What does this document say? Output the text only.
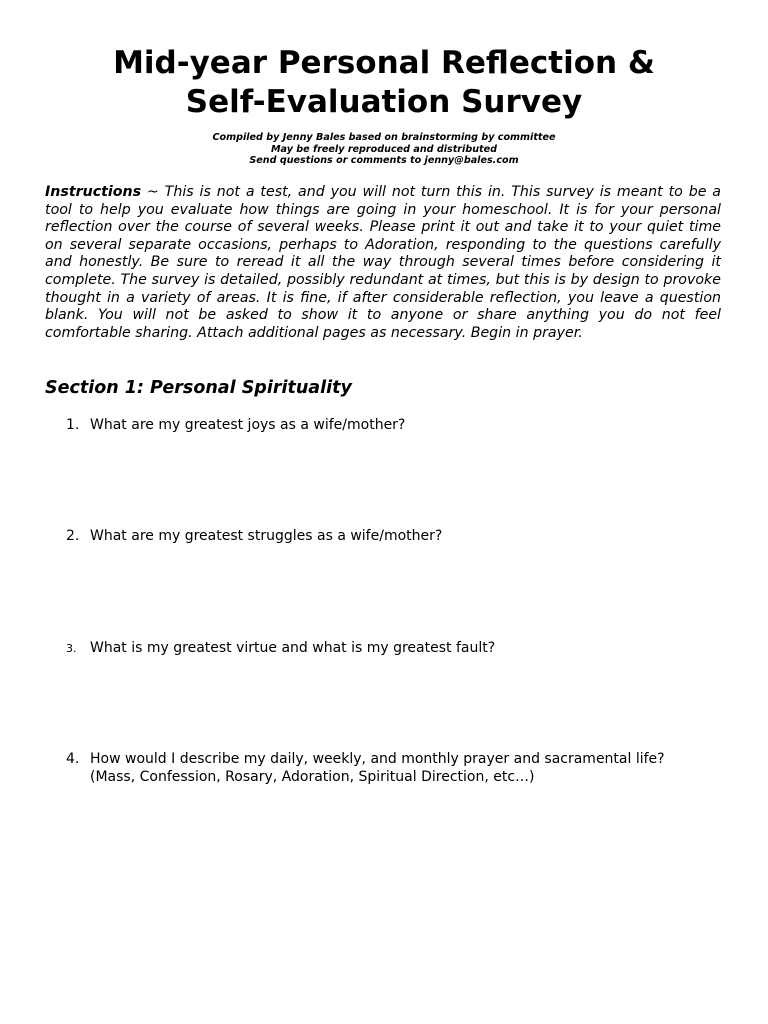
Mid-year Personal Reflection &
Self-Evaluation Survey
Compiled by Jenny Bales based on brainstorming by committee
May be freely reproduced and distributed
Send questions or comments to jenny@bales.com

Instructions ~ This is not a test, and you will not turn this in. This survey is meant to be a tool to help you evaluate how things are going in your homeschool. It is for your personal reflection over the course of several weeks. Please print it out and take it to your quiet time on several separate occasions, perhaps to Adoration, responding to the questions carefully and honestly. Be sure to reread it all the way through several times before considering it complete. The survey is detailed, possibly redundant at times, but this is by design to provoke thought in a variety of areas. It is fine, if after considerable reflection, you leave a question blank. You will not be asked to show it to anyone or share anything you do not feel comfortable sharing. Attach additional pages as necessary. Begin in prayer.

Section 1: Personal Spirituality
1. What are my greatest joys as a wife/mother?
2. What are my greatest struggles as a wife/mother?
3. What is my greatest virtue and what is my greatest fault?
4. How would I describe my daily, weekly, and monthly prayer and sacramental life?
(Mass, Confession, Rosary, Adoration, Spiritual Direction, etc…)
